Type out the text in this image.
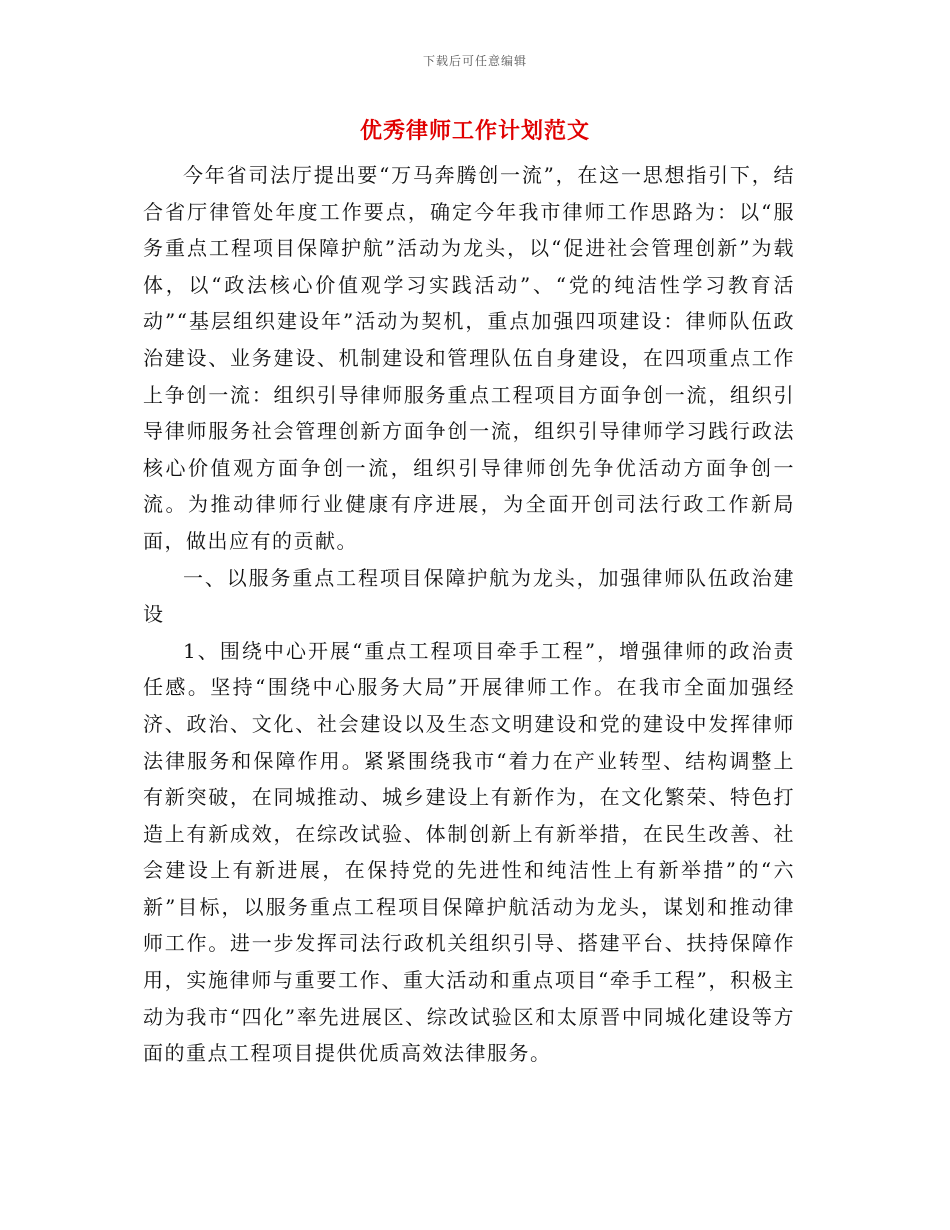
下载后可任意编辑
优秀律师工作计划范文

今年省司法厅提出要“万马奔腾创一流”，在这一思想指引下，结合省厅律管处年度工作要点，确定今年我市律师工作思路为：以“服务重点工程项目保障护航”活动为龙头，以“促进社会管理创新”为载体，以“政法核心价值观学习实践活动”、“党的纯洁性学习教育活动”“基层组织建设年”活动为契机，重点加强四项建设：律师队伍政治建设、业务建设、机制建设和管理队伍自身建设，在四项重点工作上争创一流：组织引导律师服务重点工程项目方面争创一流，组织引导律师服务社会管理创新方面争创一流，组织引导律师学习践行政法核心价值观方面争创一流，组织引导律师创先争优活动方面争创一流。为推动律师行业健康有序进展，为全面开创司法行政工作新局面，做出应有的贡献。

一、以服务重点工程项目保障护航为龙头，加强律师队伍政治建设

1、围绕中心开展“重点工程项目牵手工程”，增强律师的政治责任感。坚持“围绕中心服务大局”开展律师工作。在我市全面加强经济、政治、文化、社会建设以及生态文明建设和党的建设中发挥律师法律服务和保障作用。紧紧围绕我市“着力在产业转型、结构调整上有新突破，在同城推动、城乡建设上有新作为，在文化繁荣、特色打造上有新成效，在综改试验、体制创新上有新举措，在民生改善、社会建设上有新进展，在保持党的先进性和纯洁性上有新举措”的“六新”目标，以服务重点工程项目保障护航活动为龙头，谋划和推动律师工作。进一步发挥司法行政机关组织引导、搭建平台、扶持保障作用，实施律师与重要工作、重大活动和重点项目“牵手工程”，积极主动为我市“四化”率先进展区、综改试验区和太原晋中同城化建设等方面的重点工程项目提供优质高效法律服务。
